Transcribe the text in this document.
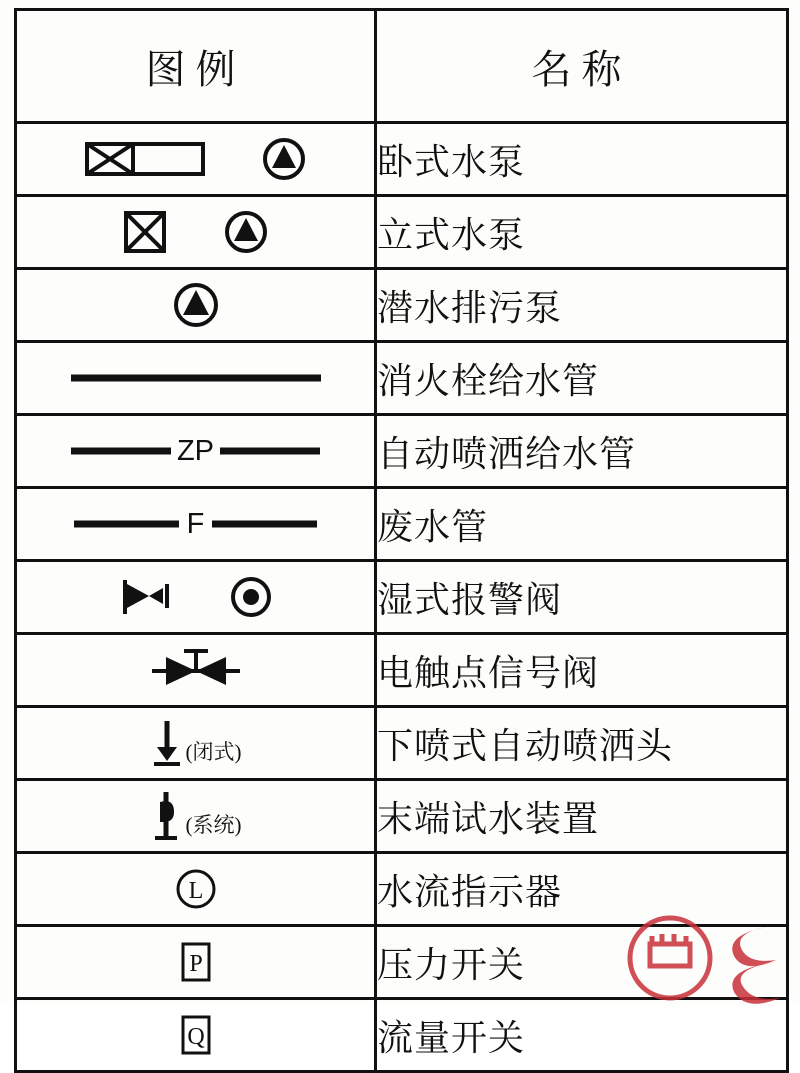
图例	名称

	卧式水泵

	立式水泵

	潜水排污泵

	消火栓给水管

ZP	自动喷洒给水管

F	废水管

	湿式报警阀

	电触点信号阀

(闭式)	下喷式自动喷洒头

(系统)	末端试水装置

L	水流指示器

P	压力开关

Q	流量开关
